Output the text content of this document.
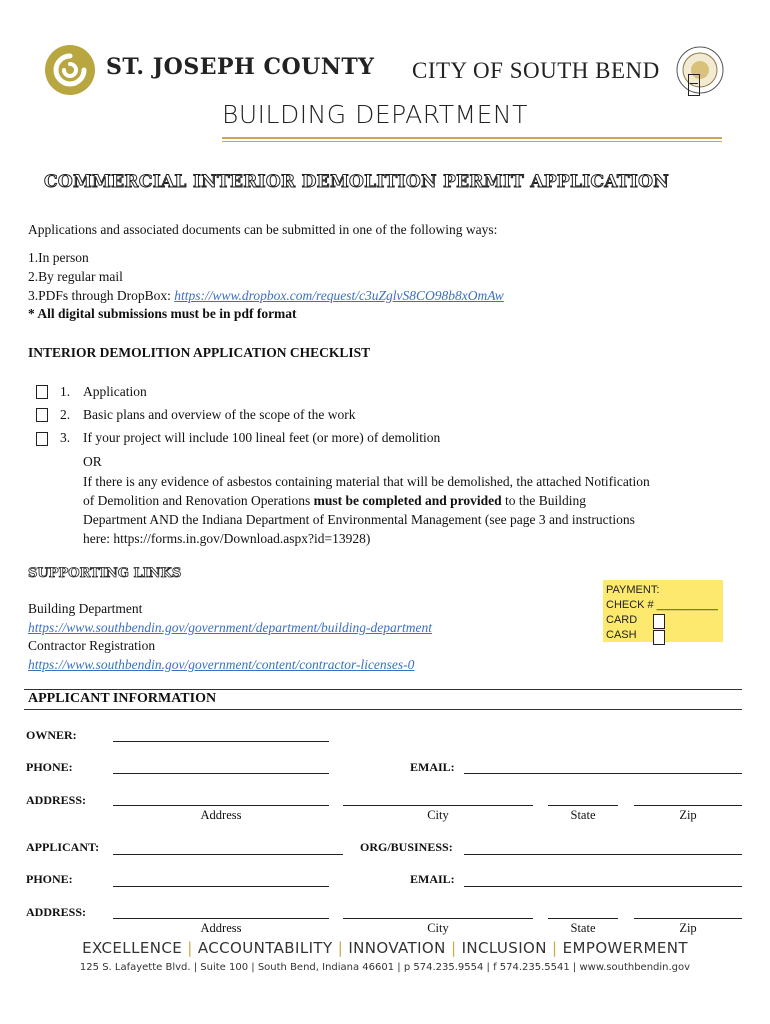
ST. JOSEPH COUNTY CITY OF SOUTH BEND
BUILDING DEPARTMENT
COMMERCIAL INTERIOR DEMOLITION PERMIT APPLICATION
Applications and associated documents can be submitted in one of the following ways:
1.In person
2.By regular mail
3.PDFs through DropBox: https://www.dropbox.com/request/c3uZglvS8CO98b8xOmAw
* All digital submissions must be in pdf format
INTERIOR DEMOLITION APPLICATION CHECKLIST
1. Application
2. Basic plans and overview of the scope of the work
3. If your project will include 100 lineal feet (or more) of demolition
OR
If there is any evidence of asbestos containing material that will be demolished, the attached Notification of Demolition and Renovation Operations must be completed and provided to the Building Department AND the Indiana Department of Environmental Management (see page 3 and instructions here: https://forms.in.gov/Download.aspx?id=13928)
SUPPORTING LINKS
Building Department
https://www.southbendin.gov/government/department/building-department
Contractor Registration
https://www.southbendin.gov/government/content/contractor-licenses-0
PAYMENT:
CHECK # __________
CARD
CASH
APPLICANT INFORMATION
OWNER:
PHONE:	EMAIL:
ADDRESS:
Address	City	State	Zip
APPLICANT:	ORG/BUSINESS:
PHONE:	EMAIL:
ADDRESS:
Address	City	State	Zip
EXCELLENCE | ACCOUNTABILITY | INNOVATION | INCLUSION | EMPOWERMENT
125 S. Lafayette Blvd. | Suite 100 | South Bend, Indiana 46601 | p 574.235.9554 | f 574.235.5541 | www.southbendin.gov
